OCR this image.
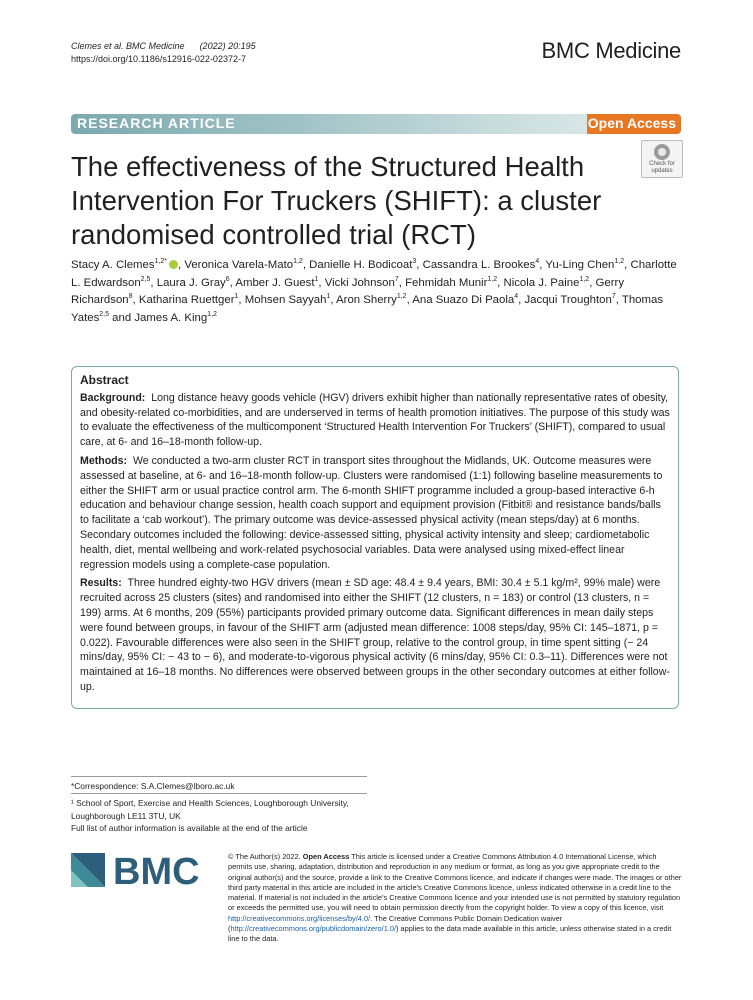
Clemes et al. BMC Medicine (2022) 20:195
https://doi.org/10.1186/s12916-022-02372-7	BMC Medicine
RESEARCH ARTICLE	Open Access
The effectiveness of the Structured Health Intervention For Truckers (SHIFT): a cluster randomised controlled trial (RCT)
Check for
updates
Stacy A. Clemes$^{1,2*}$ , Veronica Varela-Mato$^{1,2}$, Danielle H. Bodicoat$^3$, Cassandra L. Brookes$^4$, Yu-Ling Chen$^{1,2}$, Charlotte L. Edwardson$^{2,5}$, Laura J. Gray$^6$, Amber J. Guest$^1$, Vicki Johnson$^7$, Fehmidah Munir$^{1,2}$, Nicola J. Paine$^{1,2}$, Gerry Richardson$^8$, Katharina Ruettger$^1$, Mohsen Sayyah$^1$, Aron Sherry$^{1,2}$, Ana Suazo Di Paola$^4$, Jacqui Troughton$^7$, Thomas Yates$^{2,5}$ and James A. King$^{1,2}$
Abstract

Background: Long distance heavy goods vehicle (HGV) drivers exhibit higher than nationally representative rates of obesity, and obesity-related co-morbidities, and are underserved in terms of health promotion initiatives. The purpose of this study was to evaluate the effectiveness of the multicomponent ‘Structured Health Intervention For Truckers’ (SHIFT), compared to usual care, at 6- and 16–18-month follow-up.

Methods: We conducted a two-arm cluster RCT in transport sites throughout the Midlands, UK. Outcome measures were assessed at baseline, at 6- and 16–18-month follow-up. Clusters were randomised (1:1) following baseline measurements to either the SHIFT arm or usual practice control arm. The 6-month SHIFT programme included a group-based interactive 6-h education and behaviour change session, health coach support and equipment provision (Fitbit® and resistance bands/balls to facilitate a ‘cab workout’). The primary outcome was device-assessed physical activity (mean steps/day) at 6 months. Secondary outcomes included the following: device-assessed sitting, physical activity intensity and sleep; cardiometabolic health, diet, mental wellbeing and work-related psychosocial variables. Data were analysed using mixed-effect linear regression models using a complete-case population.

Results: Three hundred eighty-two HGV drivers (mean ± SD age: 48.4 ± 9.4 years, BMI: 30.4 ± 5.1 kg/m², 99% male) were recruited across 25 clusters (sites) and randomised into either the SHIFT (12 clusters, n = 183) or control (13 clusters, n = 199) arms. At 6 months, 209 (55%) participants provided primary outcome data. Significant differences in mean daily steps were found between groups, in favour of the SHIFT arm (adjusted mean difference: 1008 steps/day, 95% CI: 145–1871, p = 0.022). Favourable differences were also seen in the SHIFT group, relative to the control group, in time spent sitting (− 24 mins/day, 95% CI: − 43 to − 6), and moderate-to-vigorous physical activity (6 mins/day, 95% CI: 0.3–11). Differences were not maintained at 16–18 months. No differences were observed between groups in the other secondary outcomes at either follow-up.

*Correspondence: S.A.Clemes@lboro.ac.uk
¹ School of Sport, Exercise and Health Sciences, Loughborough University, Loughborough LE11 3TU, UK
Full list of author information is available at the end of the article
BMC	© The Author(s) 2022. Open Access This article is licensed under a Creative Commons Attribution 4.0 International License, which permits use, sharing, adaptation, distribution and reproduction in any medium or format, as long as you give appropriate credit to the original author(s) and the source, provide a link to the Creative Commons licence, and indicate if changes were made. The images or other third party material in this article are included in the article’s Creative Commons licence, unless indicated otherwise in a credit line to the material. If material is not included in the article’s Creative Commons licence and your intended use is not permitted by statutory regulation or exceeds the permitted use, you will need to obtain permission directly from the copyright holder. To view a copy of this licence, visit http://creativecommons.org/licenses/by/4.0/. The Creative Commons Public Domain Dedication waiver (http://creativecommons.org/publicdomain/zero/1.0/) applies to the data made available in this article, unless otherwise stated in a credit line to the data.
